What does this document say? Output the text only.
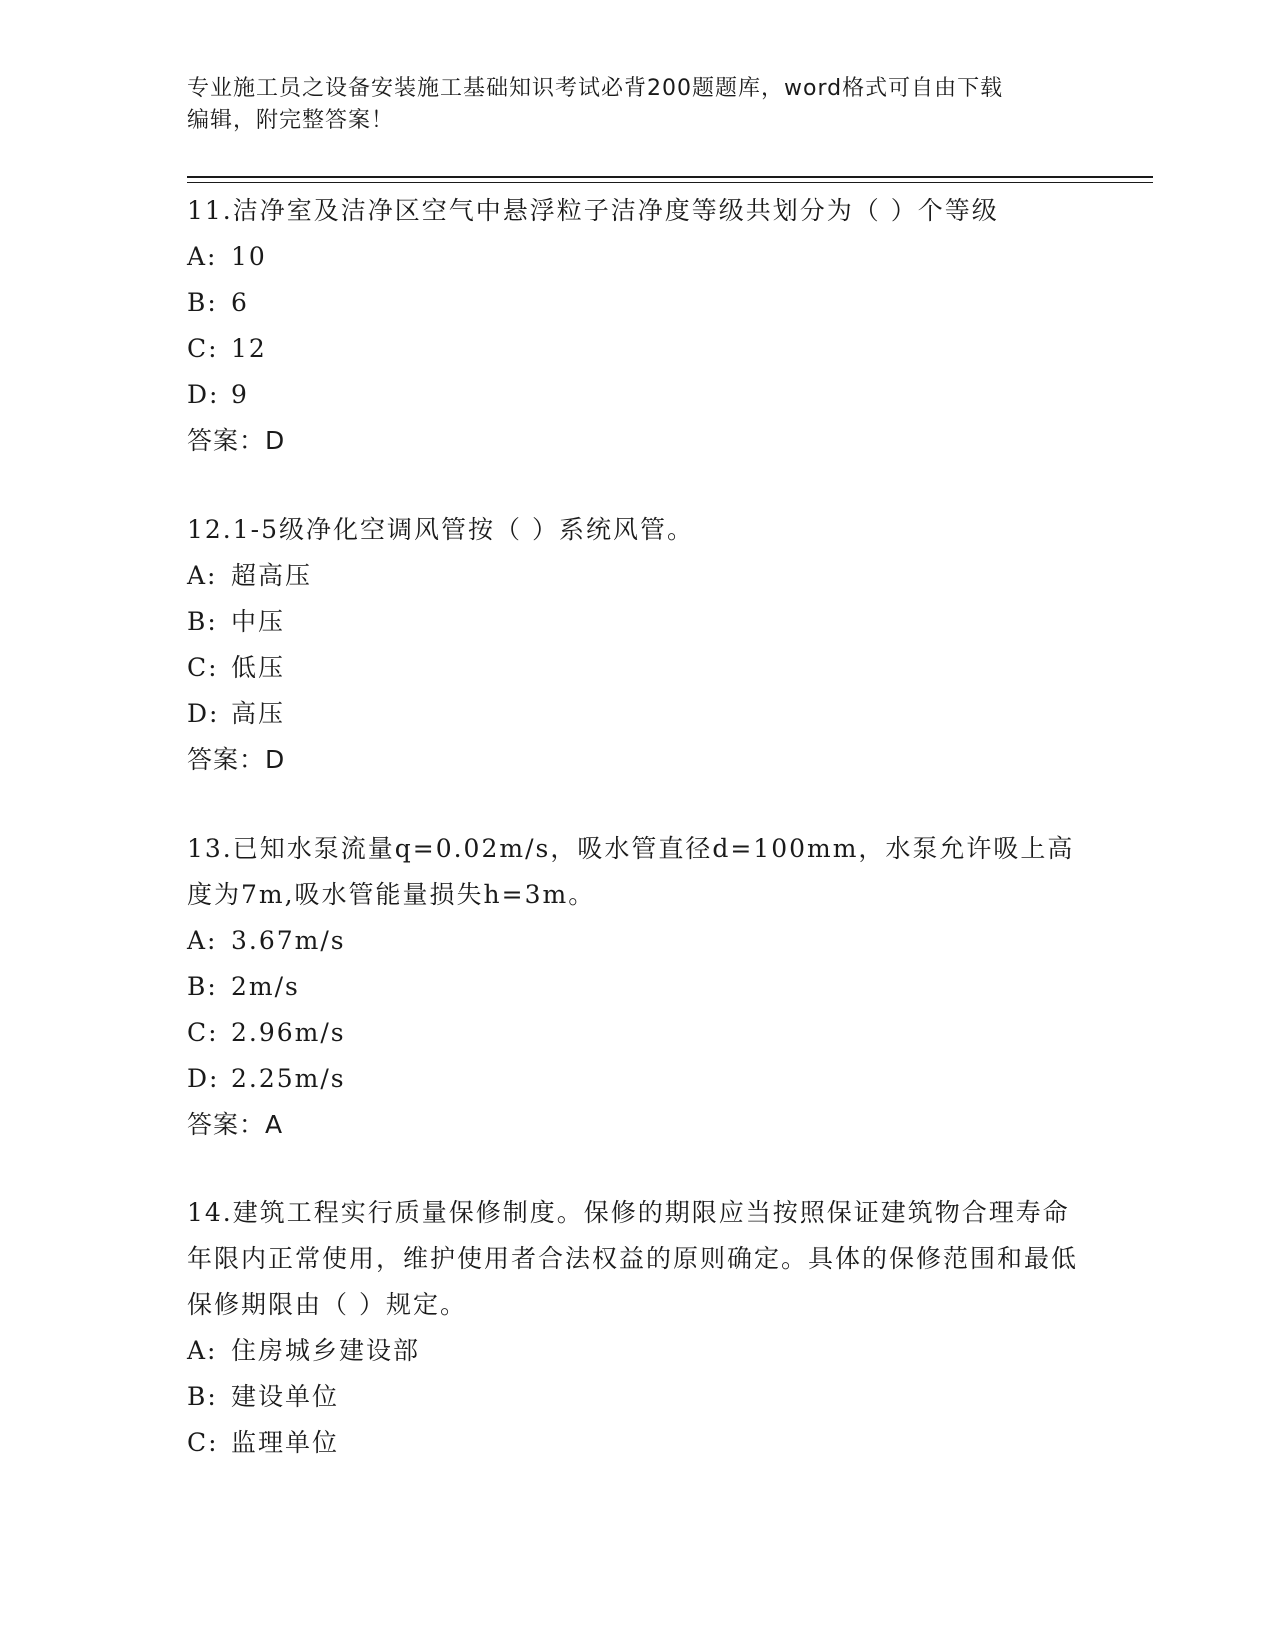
专业施工员之设备安装施工基础知识考试必背200题题库，word格式可自由下载
编辑，附完整答案！
11.洁净室及洁净区空气中悬浮粒子洁净度等级共划分为（ ）个等级
A: 10
B: 6
C: 12
D: 9
答案：D
12.1-5级净化空调风管按（ ）系统风管。
A: 超高压
B: 中压
C: 低压
D: 高压
答案：D
13.已知水泵流量q=0.02m/s，吸水管直径d=100mm，水泵允许吸上高度为7m,吸水管能量损失h=3m。
A: 3.67m/s
B: 2m/s
C: 2.96m/s
D: 2.25m/s
答案：A
14.建筑工程实行质量保修制度。保修的期限应当按照保证建筑物合理寿命年限内正常使用，维护使用者合法权益的原则确定。具体的保修范围和最低保修期限由（ ）规定。
A: 住房城乡建设部
B: 建设单位
C: 监理单位
